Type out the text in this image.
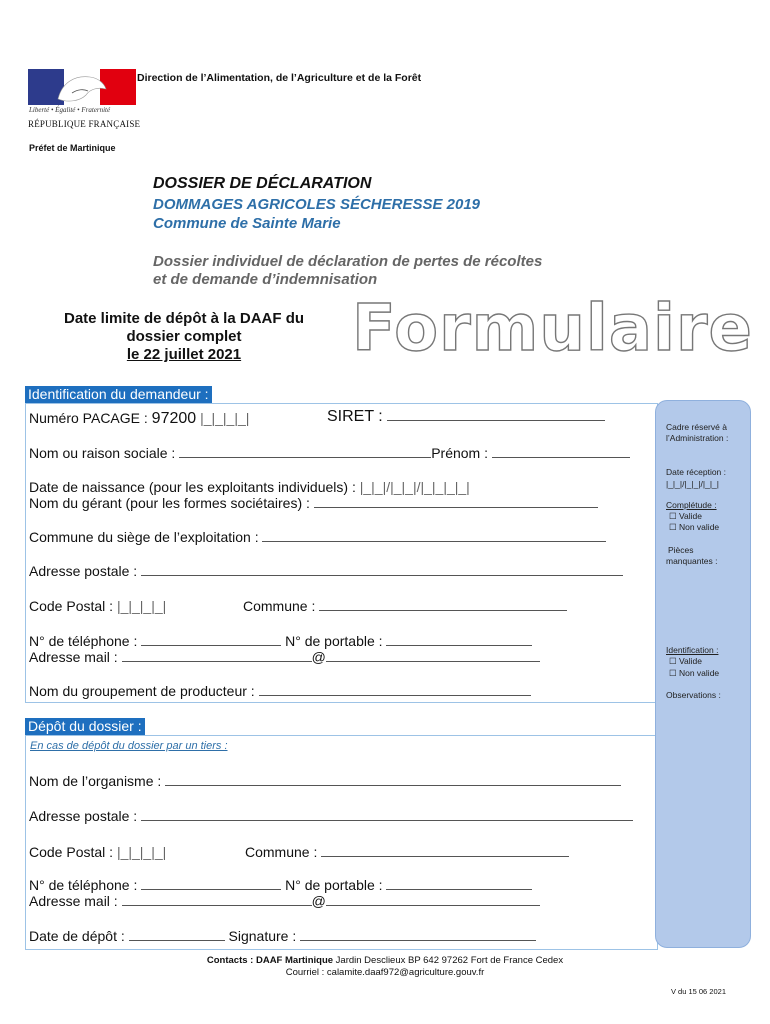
Liberté • Égalité • Fraternité
RÉPUBLIQUE FRANÇAISE
Direction de l’Alimentation, de l’Agriculture et de la Forêt
Préfet de Martinique
DOSSIER DE DÉCLARATION
DOMMAGES AGRICOLES SÉCHERESSE 2019
Commune de Sainte Marie
Dossier individuel de déclaration de pertes de récoltes
et de demande d’indemnisation
Date limite de dépôt à la DAAF du
dossier complet
le 22 juillet 2021	Formulaire
Identification du demandeur :
Numéro PACAGE : 97200 |_|_|_|_|	SIRET :
Nom ou raison sociale :	Prénom :
Date de naissance (pour les exploitants individuels) : |_|_|/|_|_|/|_|_|_|_|
Nom du gérant (pour les formes sociétaires) :
Commune du siège de l’exploitation :
Adresse postale :
Code Postal : |_|_|_|_|	Commune :
N° de téléphone :	N° de portable :
Adresse mail :	@
Nom du groupement de producteur :
Dépôt du dossier :
En cas de dépôt du dossier par un tiers :
Nom de l’organisme :
Adresse postale :
Code Postal : |_|_|_|_|	Commune :
N° de téléphone :	N° de portable :
Adresse mail :	@
Date de dépôt :	Signature :
Cadre réservé à
l’Administration :
Date réception :
|_|_|/|_|_|/|_|_|
Complétude :
☐ Valide
☐ Non valide
Pièces
manquantes :
Identification :
☐ Valide
☐ Non valide
Observations :
Contacts : DAAF Martinique Jardin Desclieux BP 642 97262 Fort de France Cedex
Courriel : calamite.daaf972@agriculture.gouv.fr
V du 15 06 2021
